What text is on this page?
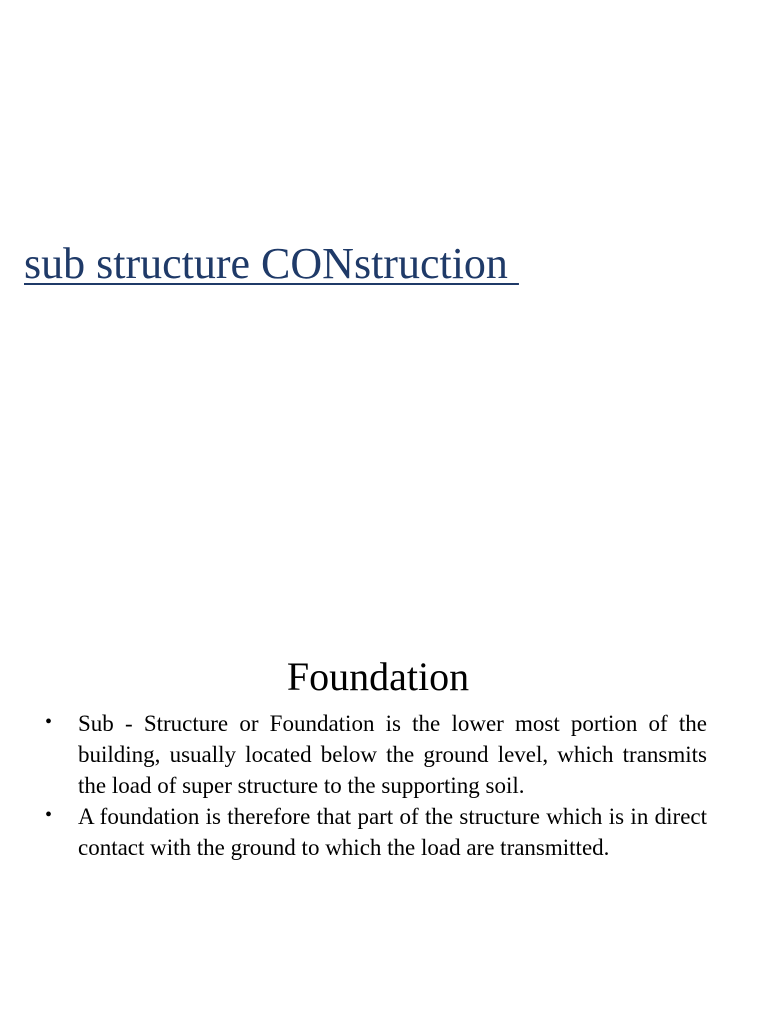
sub structure CONstruction
Foundation
• Sub - Structure or Foundation is the lower most portion of the building, usually located below the ground level, which transmits the load of super structure to the supporting soil.
• A foundation is therefore that part of the structure which is in direct contact with the ground to which the load are transmitted.
